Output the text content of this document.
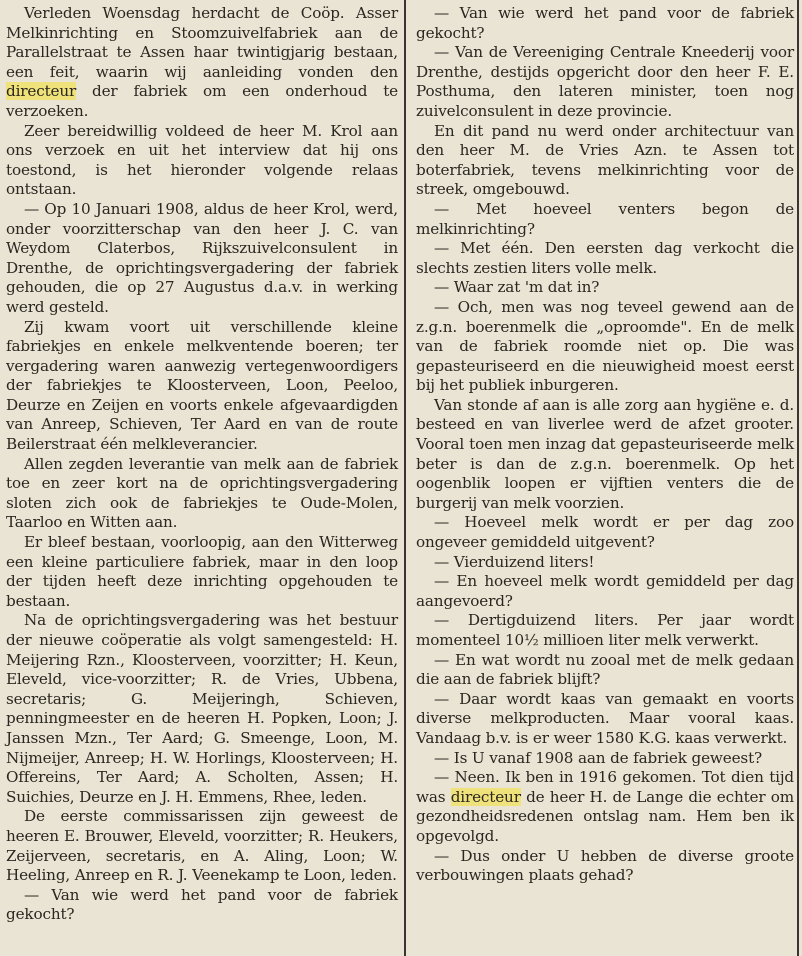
Verleden Woensdag herdacht de Coöp. Asser Melkinrichting en Stoomzuivelfabriek aan de Parallelstraat te Assen haar twintigjarig bestaan, een feit, waarin wij aanleiding vonden den directeur der fabriek om een onderhoud te verzoeken.

Zeer bereidwillig voldeed de heer M. Krol aan ons verzoek en uit het interview dat hij ons toestond, is het hieronder volgende relaas ontstaan.

— Op 10 Januari 1908, aldus de heer Krol, werd, onder voorzitterschap van den heer J. C. van Weydom Claterbos, Rijkszuivelconsulent in Drenthe, de oprichtingsvergadering der fabriek gehouden, die op 27 Augustus d.a.v. in werking werd gesteld.

Zij kwam voort uit verschillende kleine fabriekjes en enkele melkventende boeren; ter vergadering waren aanwezig vertegenwoordigers der fabriekjes te Kloosterveen, Loon, Peeloo, Deurze en Zeijen en voorts enkele afgevaardigden van Anreep, Schieven, Ter Aard en van de route Beilerstraat één melkleverancier.

Allen zegden leverantie van melk aan de fabriek toe en zeer kort na de oprichtingsvergadering sloten zich ook de fabriekjes te Oude-Molen, Taarloo en Witten aan.

Er bleef bestaan, voorloopig, aan den Witterweg een kleine particuliere fabriek, maar in den loop der tijden heeft deze inrichting opgehouden te bestaan.

Na de oprichtingsvergadering was het bestuur der nieuwe coöperatie als volgt samengesteld: H. Meijering Rzn., Kloosterveen, voorzitter; H. Keun, Eleveld, vice-voorzitter; R. de Vries, Ubbena, secretaris; G. Meijeringh, Schieven, penningmeester en de heeren H. Popken, Loon; J. Janssen Mzn., Ter Aard; G. Smeenge, Loon, M. Nijmeijer, Anreep; H. W. Horlings, Kloosterveen; H. Offereins, Ter Aard; A. Scholten, Assen; H. Suichies, Deurze en J. H. Emmens, Rhee, leden.

De eerste commissarissen zijn geweest de heeren E. Brouwer, Eleveld, voorzitter; R. Heukers, Zeijerveen, secretaris, en A. Aling, Loon; W. Heeling, Anreep en R. J. Veenekamp te Loon, leden.

— Van wie werd het pand voor de fabriek gekocht?

— Van wie werd het pand voor de fabriek gekocht?

— Van de Vereeniging Centrale Kneederij voor Drenthe, destijds opgericht door den heer F. E. Posthuma, den lateren minister, toen nog zuivelconsulent in deze provincie.

En dit pand nu werd onder architectuur van den heer M. de Vries Azn. te Assen tot boterfabriek, tevens melkinrichting voor de streek, omgebouwd.

— Met hoeveel venters begon de melkinrichting?

— Met één. Den eersten dag verkocht die slechts zestien liters volle melk.

— Waar zat 'm dat in?

— Och, men was nog teveel gewend aan de z.g.n. boerenmelk die „oproomde". En de melk van de fabriek roomde niet op. Die was gepasteuriseerd en die nieuwigheid moest eerst bij het publiek inburgeren.

Van stonde af aan is alle zorg aan hygiëne e. d. besteed en van liverlee werd de afzet grooter. Vooral toen men inzag dat gepasteuriseerde melk beter is dan de z.g.n. boerenmelk. Op het oogenblik loopen er vijftien venters die de burgerij van melk voorzien.

— Hoeveel melk wordt er per dag zoo ongeveer gemiddeld uitgevent?

— Vierduizend liters!

— En hoeveel melk wordt gemiddeld per dag aangevoerd?

— Dertigduizend liters. Per jaar wordt momenteel 10½ millioen liter melk verwerkt.

— En wat wordt nu zooal met de melk gedaan die aan de fabriek blijft?

— Daar wordt kaas van gemaakt en voorts diverse melkproducten. Maar vooral kaas. Vandaag b.v. is er weer 1580 K.G. kaas verwerkt.

— Is U vanaf 1908 aan de fabriek geweest?

— Neen. Ik ben in 1916 gekomen. Tot dien tijd was directeur de heer H. de Lange die echter om gezondheidsredenen ontslag nam. Hem ben ik opgevolgd.

— Dus onder U hebben de diverse groote verbouwingen plaats gehad?
